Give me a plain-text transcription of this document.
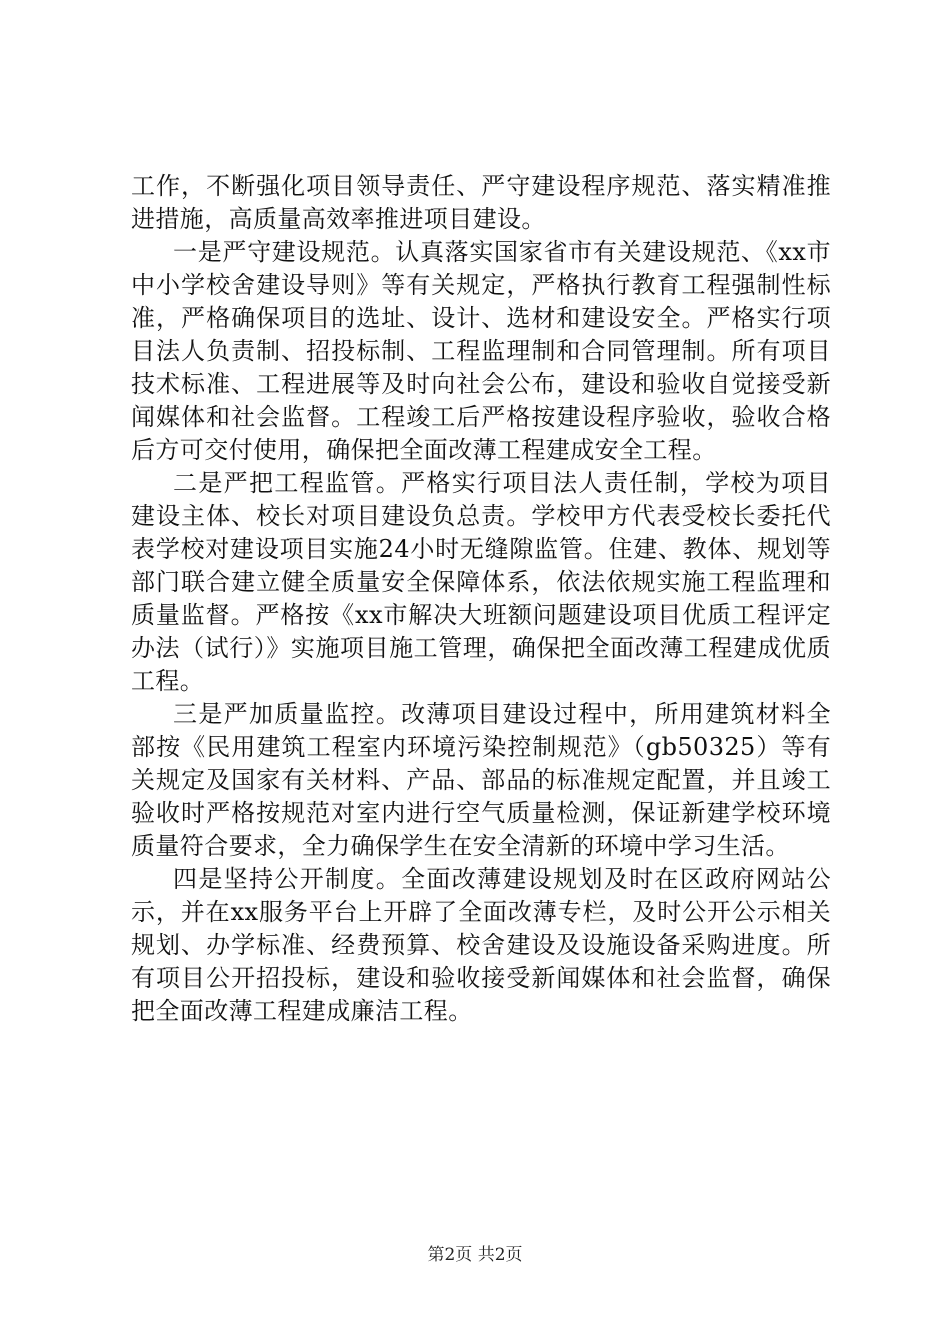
工作，不断强化项目领导责任、严守建设程序规范、落实精准推进措施，高质量高效率推进项目建设。

一是严守建设规范。认真落实国家省市有关建设规范、《xx市中小学校舍建设导则》等有关规定，严格执行教育工程强制性标准，严格确保项目的选址、设计、选材和建设安全。严格实行项目法人负责制、招投标制、工程监理制和合同管理制。所有项目技术标准、工程进展等及时向社会公布，建设和验收自觉接受新闻媒体和社会监督。工程竣工后严格按建设程序验收，验收合格后方可交付使用，确保把全面改薄工程建成安全工程。

二是严把工程监管。严格实行项目法人责任制，学校为项目建设主体、校长对项目建设负总责。学校甲方代表受校长委托代表学校对建设项目实施24小时无缝隙监管。住建、教体、规划等部门联合建立健全质量安全保障体系，依法依规实施工程监理和质量监督。严格按《xx市解决大班额问题建设项目优质工程评定办法（试行）》实施项目施工管理，确保把全面改薄工程建成优质工程。

三是严加质量监控。改薄项目建设过程中，所用建筑材料全部按《民用建筑工程室内环境污染控制规范》（gb50325）等有关规定及国家有关材料、产品、部品的标准规定配置，并且竣工验收时严格按规范对室内进行空气质量检测，保证新建学校环境质量符合要求，全力确保学生在安全清新的环境中学习生活。

四是坚持公开制度。全面改薄建设规划及时在区政府网站公示，并在xx服务平台上开辟了全面改薄专栏，及时公开公示相关规划、办学标准、经费预算、校舍建设及设施设备采购进度。所有项目公开招投标，建设和验收接受新闻媒体和社会监督，确保把全面改薄工程建成廉洁工程。

第2页 共2页
